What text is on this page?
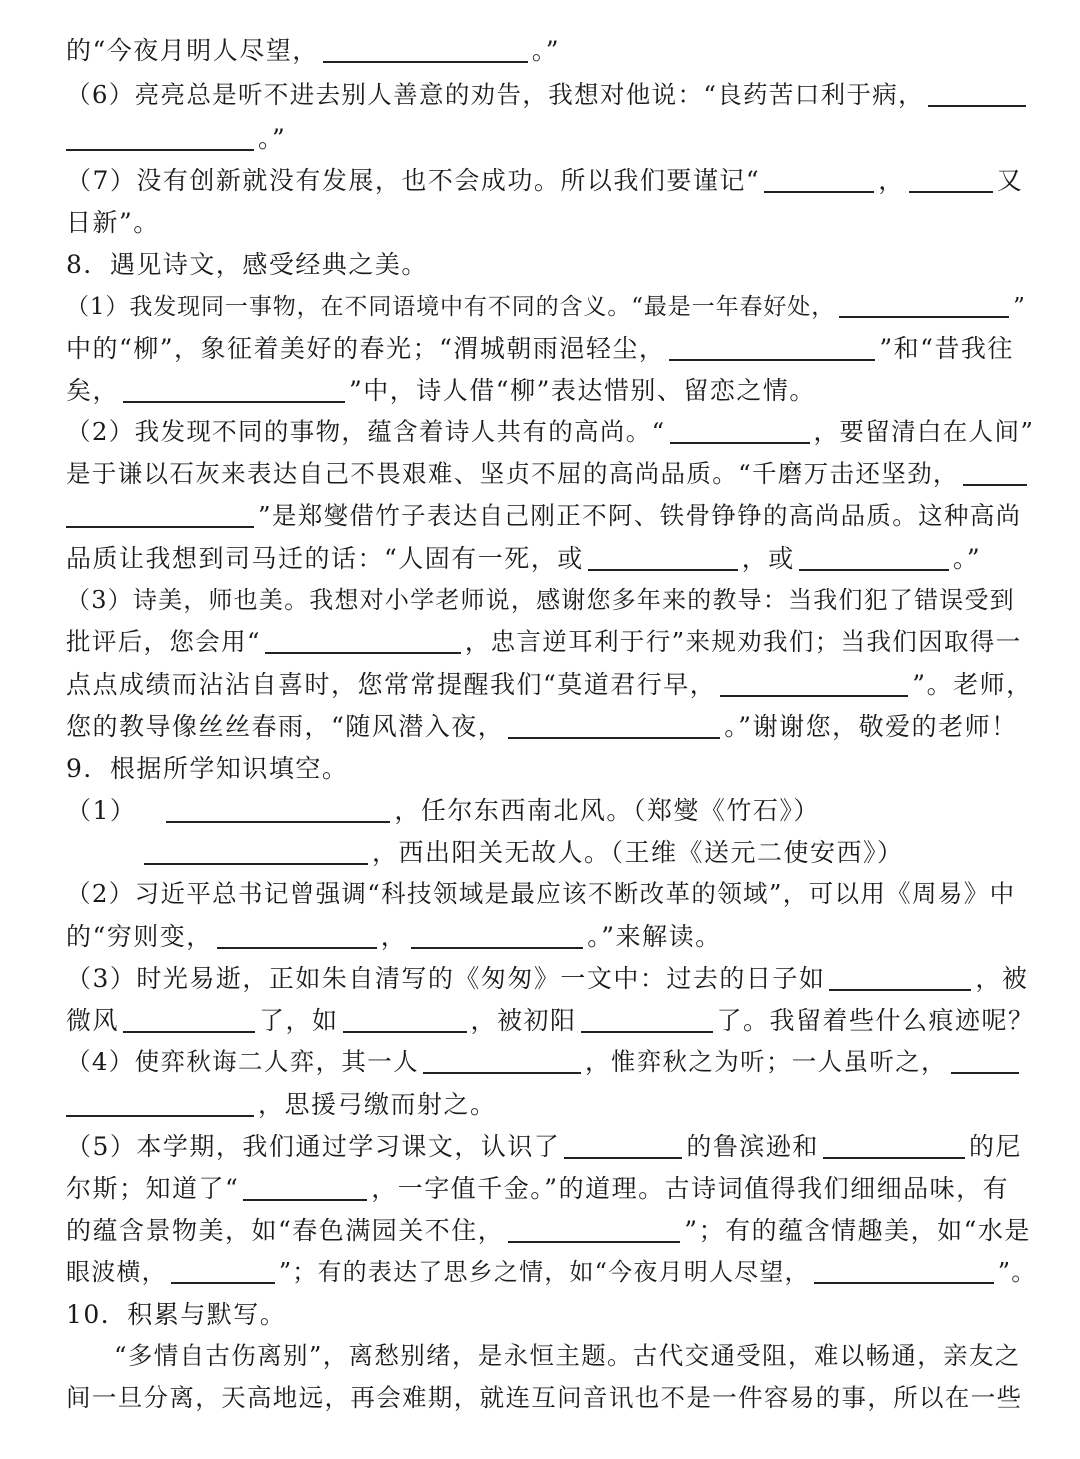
的“今夜月明人尽望，	。”
（6）亮亮总是听不进去别人善意的劝告，我想对他说：“良药苦口利于病，
。”
（7）没有创新就没有发展，也不会成功。所以我们要谨记“	，	又
日新”。
8．遇见诗文，感受经典之美。
（1）我发现同一事物，在不同语境中有不同的含义。“最是一年春好处，	”
中的“柳”，象征着美好的春光；“渭城朝雨浥轻尘，	”和“昔我往
矣，	”中，诗人借“柳”表达惜别、留恋之情。
（2）我发现不同的事物，蕴含着诗人共有的高尚。“	，要留清白在人间”
是于谦以石灰来表达自己不畏艰难、坚贞不屈的高尚品质。“千磨万击还坚劲，
”是郑燮借竹子表达自己刚正不阿、铁骨铮铮的高尚品质。这种高尚
品质让我想到司马迁的话：“人固有一死，或	，或	。”
（3）诗美，师也美。我想对小学老师说，感谢您多年来的教导：当我们犯了错误受到
批评后，您会用“	，忠言逆耳利于行”来规劝我们；当我们因取得一
点点成绩而沾沾自喜时，您常常提醒我们“莫道君行早，	”。老师，
您的教导像丝丝春雨，“随风潜入夜，	。”谢谢您，敬爱的老师！
9．根据所学知识填空。
（1）	，任尔东西南北风。（郑燮《竹石》）
，西出阳关无故人。（王维《送元二使安西》）
（2）习近平总书记曾强调“科技领域是最应该不断改革的领域”，可以用《周易》中
的“穷则变，	，	。”来解读。
（3）时光易逝，正如朱自清写的《匆匆》一文中：过去的日子如	，被
微风	了，如	，被初阳	了。我留着些什么痕迹呢？
（4）使弈秋诲二人弈，其一人	，惟弈秋之为听；一人虽听之，
，思援弓缴而射之。
（5）本学期，我们通过学习课文，认识了	的鲁滨逊和	的尼
尔斯；知道了“	，一字值千金。”的道理。古诗词值得我们细细品味，有
的蕴含景物美，如“春色满园关不住，	”；有的蕴含情趣美，如“水是
眼波横，	”；有的表达了思乡之情，如“今夜月明人尽望，	”。
10．积累与默写。
“多情自古伤离别”，离愁别绪，是永恒主题。古代交通受阻，难以畅通，亲友之
间一旦分离，天高地远，再会难期，就连互问音讯也不是一件容易的事，所以在一些
